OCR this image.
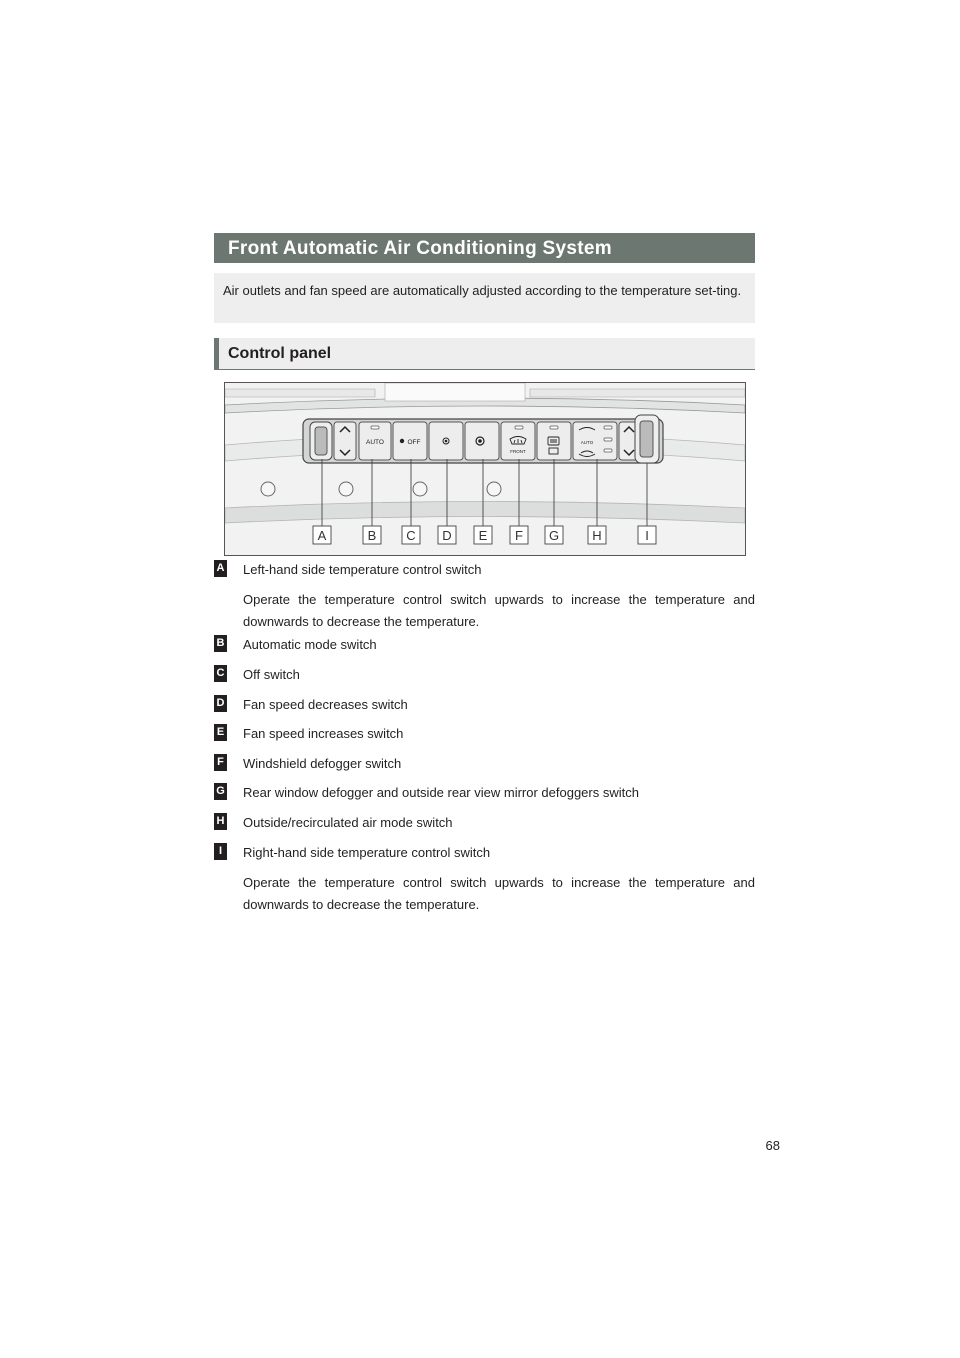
Front Automatic Air Conditioning System
Air outlets and fan speed are automatically adjusted according to the temperature set-ting.
Control panel
AUTO	OFF
FRONT
AUTO
A	B C D E F G	H	I
A Left-hand side temperature control switch
Operate the temperature control switch upwards to increase the temperature and downwards to decrease the temperature.
B Automatic mode switch
C Off switch
D Fan speed decreases switch
E Fan speed increases switch
F Windshield defogger switch
G Rear window defogger and outside rear view mirror defoggers switch
H Outside/recirculated air mode switch
I	Right-hand side temperature control switch
Operate the temperature control switch upwards to increase the temperature and downwards to decrease the temperature.
68
